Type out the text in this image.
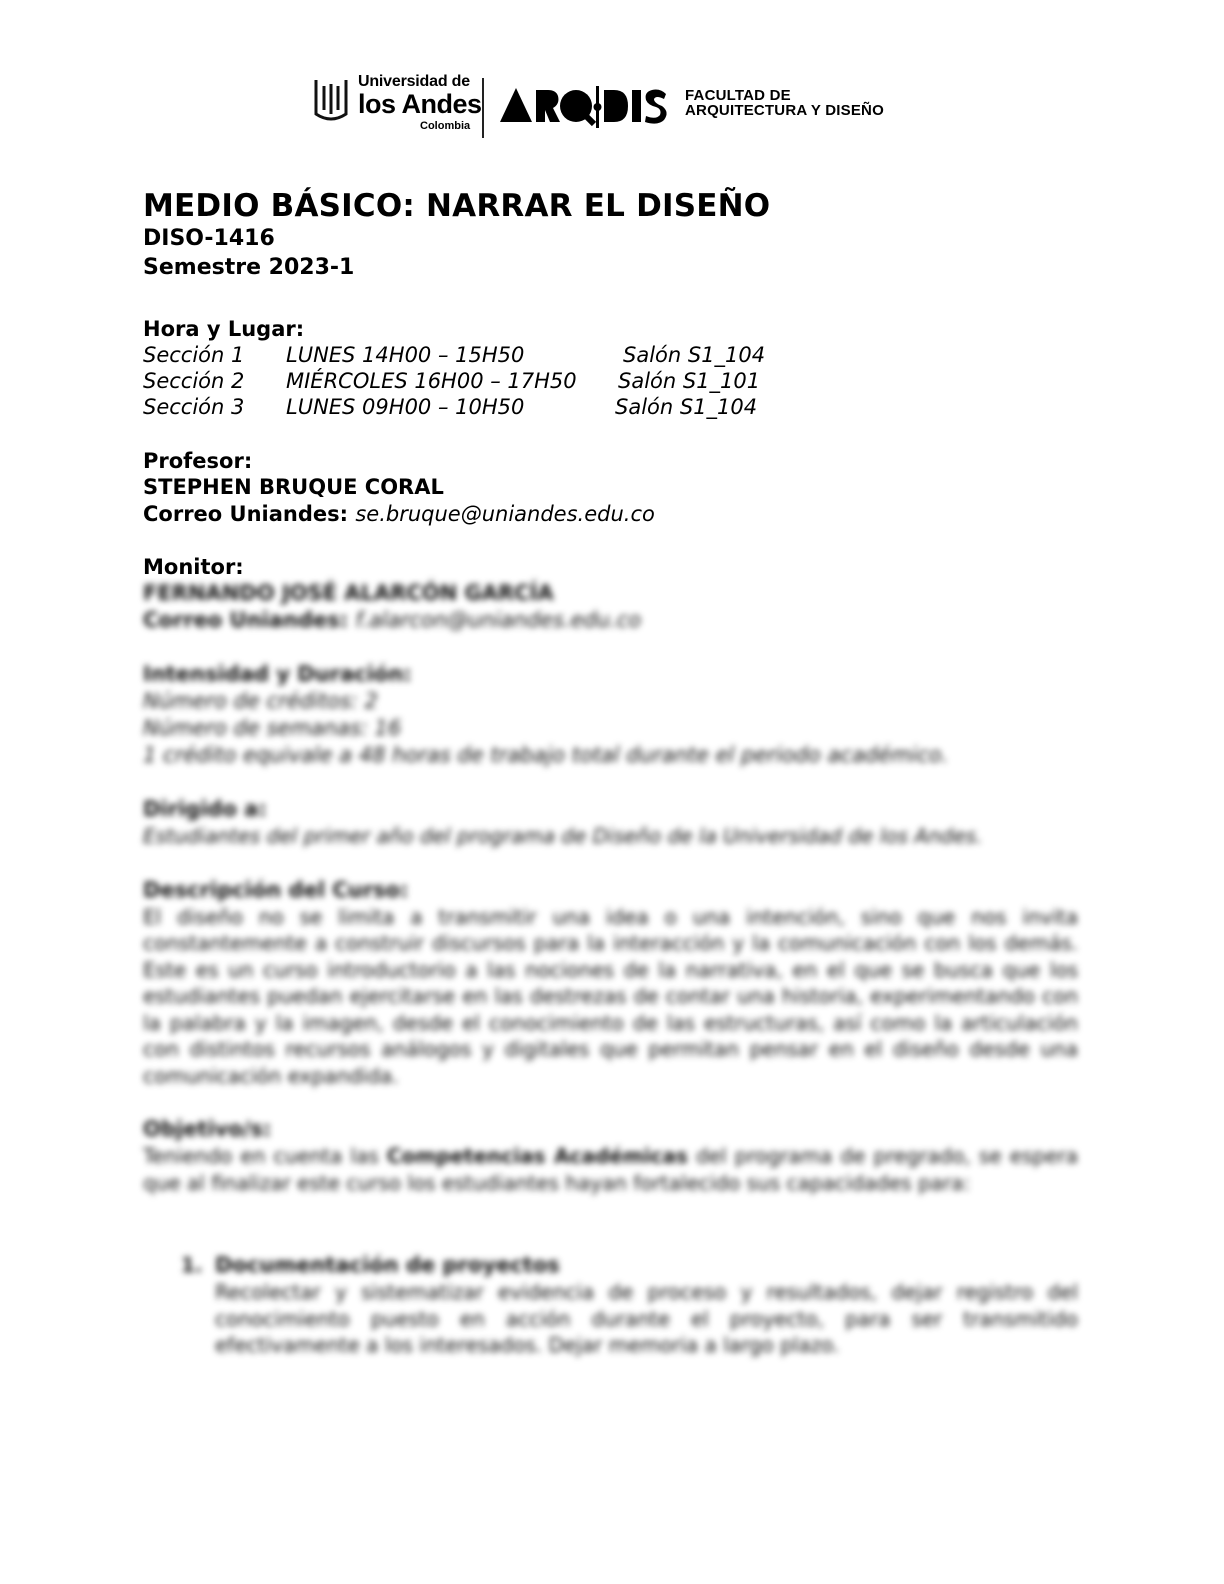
Universidad de
los Andes
Colombia
FACULTAD DE
ARQUITECTURA Y DISEÑO
MEDIO BÁSICO: NARRAR EL DISEÑO
DISO-1416
Semestre 2023-1
Hora y Lugar:
Sección 1 LUNES 14H00 – 15H50	Salón S1_104
Sección 2 MIÉRCOLES 16H00 – 17H50 Salón S1_101
Sección 3 LUNES 09H00 – 10H50	Salón S1_104
Profesor:
STEPHEN BRUQUE CORAL
Correo Uniandes: se.bruque@uniandes.edu.co
Monitor:
FERNANDO JOSÉ ALARCÓN GARCÍA
Correo Uniandes: f.alarcon@uniandes.edu.co
Intensidad y Duración:
Número de créditos: 2
Número de semanas: 16
1 crédito equivale a 48 horas de trabajo total durante el periodo académico.
Dirigido a:
Estudiantes del primer año del programa de Diseño de la Universidad de los Andes.
Descripción del Curso:
El diseño no se limita a transmitir una idea o una intención, sino que nos invita constantemente a construir discursos para la interacción y la comunicación con los demás. Este es un curso introductorio a las nociones de la narrativa, en el que se busca que los estudiantes puedan ejercitarse en las destrezas de contar una historia, experimentando con la palabra y la imagen, desde el conocimiento de las estructuras, así como la articulación con distintos recursos análogos y digitales que permitan pensar en el diseño desde una comunicación expandida.
Objetivo/s:
Teniendo en cuenta las Competencias Académicas del programa de pregrado, se espera que al finalizar este curso los estudiantes hayan fortalecido sus capacidades para:
1. Documentación de proyectos
Recolectar y sistematizar evidencia de proceso y resultados, dejar registro del conocimiento puesto en acción durante el proyecto, para ser transmitido efectivamente a los interesados. Dejar memoria a largo plazo.
